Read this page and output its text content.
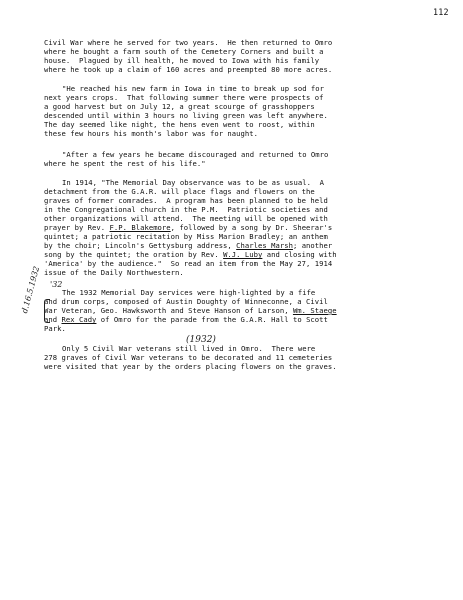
112
Civil War where he served for two years.  He then returned to Omro
where he bought a farm south of the Cemetery Corners and built a
house.  Plagued by ill health, he moved to Iowa with his family
where he took up a claim of 160 acres and preempted 80 more acres.
"He reached his new farm in Iowa in time to break up sod for
next years crops.  That following summer there were prospects of
a good harvest but on July 12, a great scourge of grasshoppers
descended until within 3 hours no living green was left anywhere.
The day seemed like night, the hens even went to roost, within
these few hours his month's labor was for naught.
"After a few years he became discouraged and returned to Omro
where he spent the rest of his life."
In 1914, "The Memorial Day observance was to be as usual.  A
detachment from the G.A.R. will place flags and flowers on the
graves of former comrades.  A program has been planned to be held
in the Congregational church in the P.M.  Patriotic societies and
other organizations will attend.  The meeting will be opened with
prayer by Rev. F.P. Blakemore, followed by a song by Dr. Sheerar's
quintet; a patriotic recitation by Miss Marion Bradley; an anthem
by the choir; Lincoln's Gettysburg address, Charles Marsh; another
song by the quintet; the oration by Rev. W.J. Luby and closing with
'America' by the audience."  So read an item from the May 27, 1914
issue of the Daily Northwestern.
The 1932 Memorial Day services were high-lighted by a fife
and drum corps, composed of Austin Doughty of Winneconne, a Civil
War Veteran, Geo. Hawksworth and Steve Hanson of Larson, Wm. Staege
and Rex Cady of Omro for the parade from the G.A.R. Hall to Scott
Park.
Only 5 Civil War veterans still lived in Omro.  There were
278 graves of Civil War veterans to be decorated and 11 cemeteries
were visited that year by the orders placing flowers on the graves.
d.16.5.1932 '32
(1932)
